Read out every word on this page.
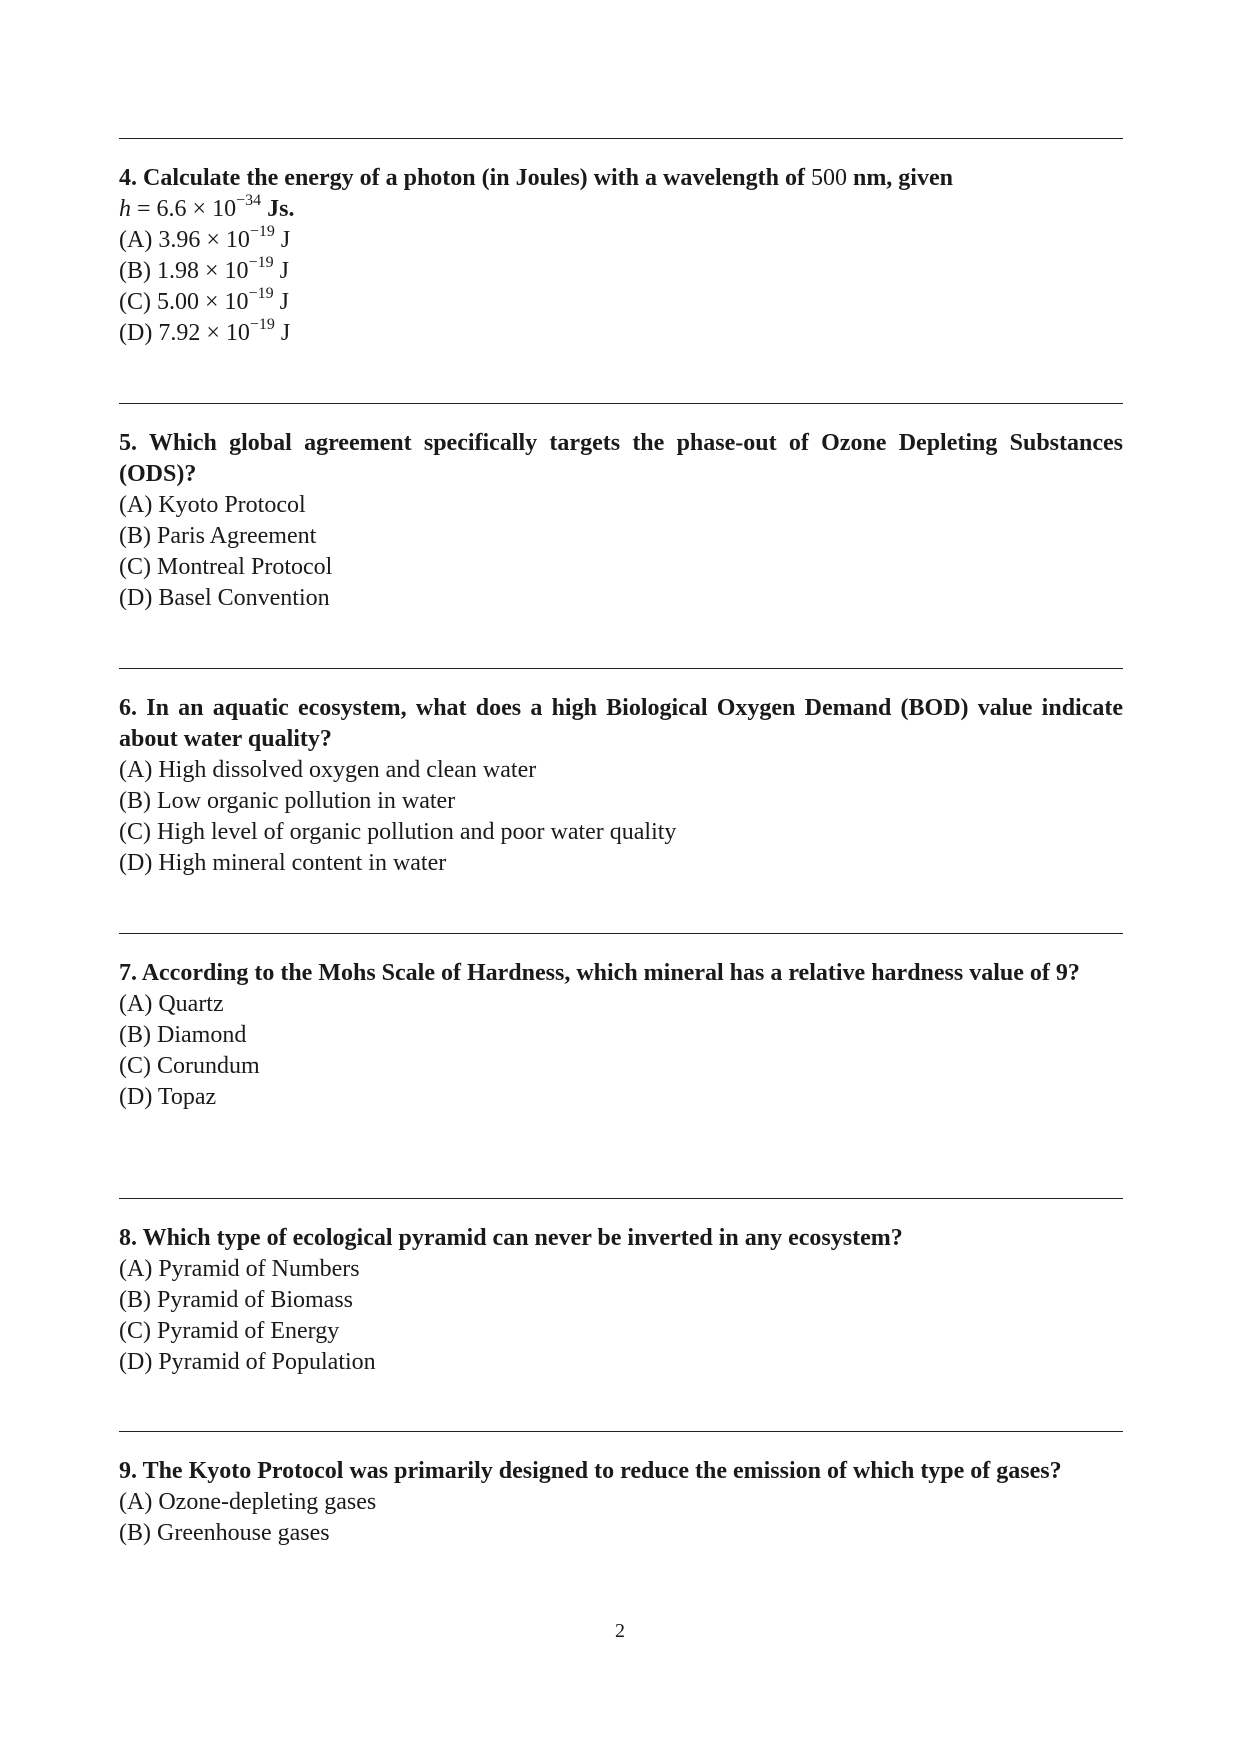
4. Calculate the energy of a photon (in Joules) with a wavelength of 500 nm, given
$h = 6.6 \times 10^{-34}$ Js.
(A) $3.96 \times 10^{-19}$ J
(B) $1.98 \times 10^{-19}$ J
(C) $5.00 \times 10^{-19}$ J
(D) $7.92 \times 10^{-19}$ J
5. Which global agreement specifically targets the phase-out of Ozone Depleting Substances (ODS)?
(A) Kyoto Protocol
(B) Paris Agreement
(C) Montreal Protocol
(D) Basel Convention
6. In an aquatic ecosystem, what does a high Biological Oxygen Demand (BOD) value indicate about water quality?
(A) High dissolved oxygen and clean water
(B) Low organic pollution in water
(C) High level of organic pollution and poor water quality
(D) High mineral content in water
7. According to the Mohs Scale of Hardness, which mineral has a relative hardness value of 9?
(A) Quartz
(B) Diamond
(C) Corundum
(D) Topaz
8. Which type of ecological pyramid can never be inverted in any ecosystem?
(A) Pyramid of Numbers
(B) Pyramid of Biomass
(C) Pyramid of Energy
(D) Pyramid of Population
9. The Kyoto Protocol was primarily designed to reduce the emission of which type of gases?
(A) Ozone-depleting gases
(B) Greenhouse gases
2
